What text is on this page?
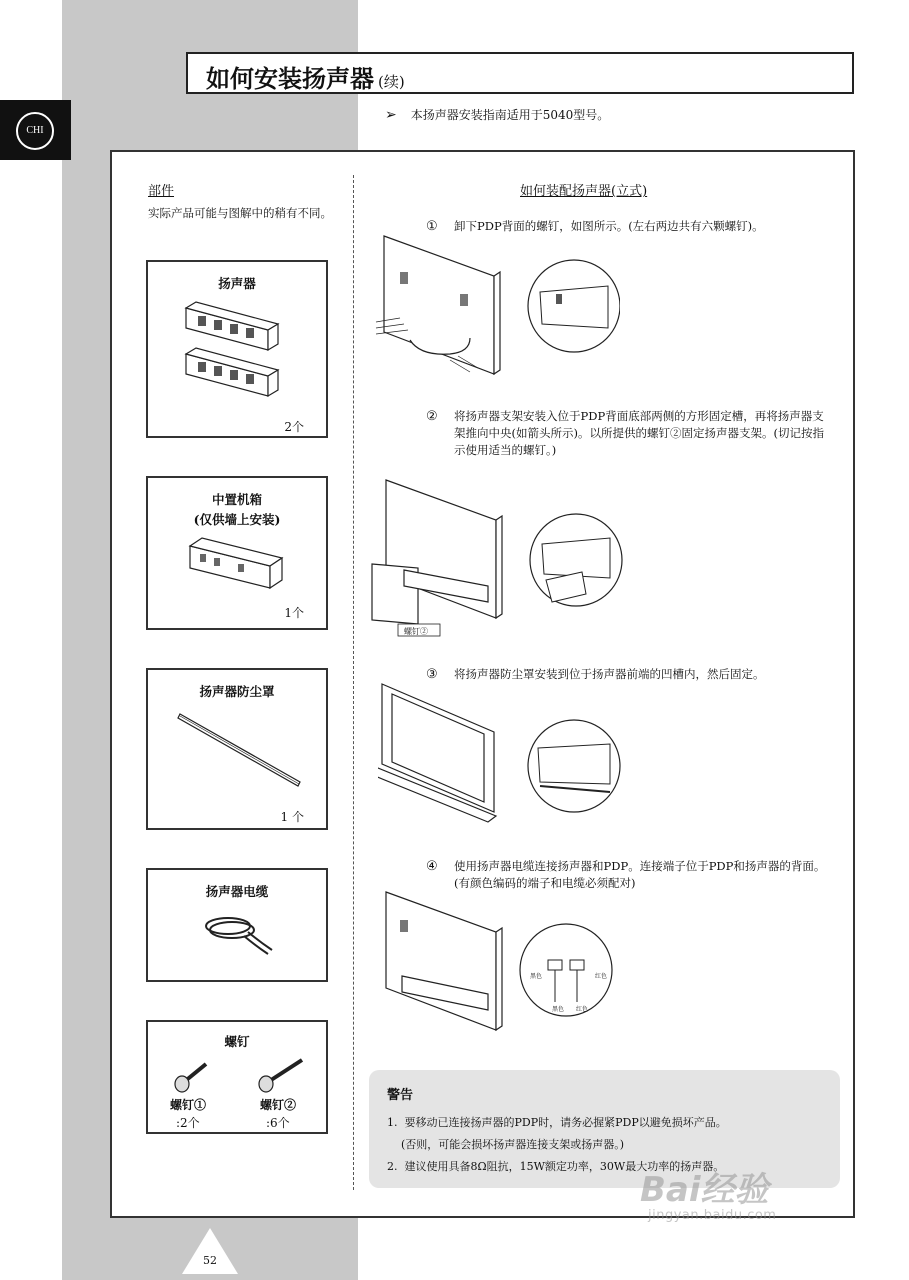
CHI
如何安装扬声器 (续)
➢ 本扬声器安装指南适用于5040型号。
部件
实际产品可能与图解中的稍有不同。
扬声器
2个
中置机箱
(仅供墙上安装)
1个
扬声器防尘罩
1 个
扬声器电缆
螺钉
螺钉①
:2个
螺钉②
:6个
如何装配扬声器(立式)
① 卸下PDP背面的螺钉，如图所示。(左右两边共有六颗螺钉)。
② 将扬声器支架安装入位于PDP背面底部两侧的方形固定槽，再将扬声器支架推向中央(如箭头所示)。以所提供的螺钉②固定扬声器支架。(切记按指示使用适当的螺钉。)
螺钉②
③ 将扬声器防尘罩安装到位于扬声器前端的凹槽内，然后固定。
④ 使用扬声器电缆连接扬声器和PDP。连接端子位于PDP和扬声器的背面。(有颜色编码的端子和电缆必须配对)
黑色	红色
黑色 红色
警告
1.  要移动已连接扬声器的PDP时，请务必握紧PDP以避免损坏产品。
(否则，可能会损坏扬声器连接支架或扬声器。)
2.  建议使用具备8Ω阻抗，15W额定功率，30W最大功率的扬声器。
52
Bai经验
jingyan.baidu.com
